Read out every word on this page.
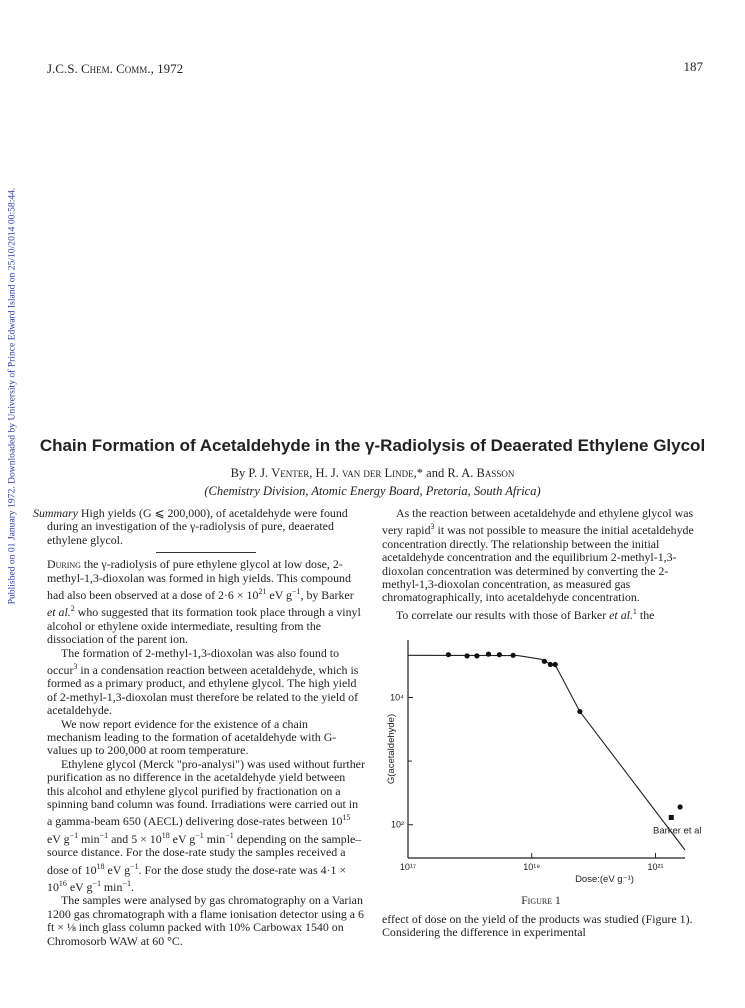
J.C.S. Chem. Comm., 1972	187
Published on 01 January 1972. Downloaded by University of Prince Edward Island on 25/10/2014 00:58:44.	Chain Formation of Acetaldehyde in the γ-Radiolysis of Deaerated Ethylene Glycol
By P. J. Venter, H. J. van der Linde,* and R. A. Basson
(Chemistry Division, Atomic Energy Board, Pretoria, South Africa)

Summary High yields (G ⩽ 200,000), of acetaldehyde were found during an investigation of the γ-radiolysis of pure, deaerated ethylene glycol.

During the γ-radiolysis of pure ethylene glycol at low dose, 2-methyl-1,3-dioxolan was formed in high yields. This compound had also been observed at a dose of $2\cdot 6 \times 10^{21}$ eV $g^{-1}$, by Barker et al.$^2$ who suggested that its formation took place through a vinyl alcohol or ethylene oxide intermediate, resulting from the dissociation of the parent ion.

The formation of 2-methyl-1,3-dioxolan was also found to occur$^3$ in a condensation reaction between acetaldehyde, which is formed as a primary product, and ethylene glycol. The high yield of 2-methyl-1,3-dioxolan must therefore be related to the yield of acetaldehyde.

We now report evidence for the existence of a chain mechanism leading to the formation of acetaldehyde with G-values up to 200,000 at room temperature.

Ethylene glycol (Merck "pro-analysi") was used without further purification as no difference in the acetaldehyde yield between this alcohol and ethylene glycol purified by fractionation on a spinning band column was found. Irradiations were carried out in a gamma-beam 650 (AECL) delivering dose-rates between $10^{15}$ eV $g^{-1}$ $\min^{-1}$ and $5 \times 10^{18}$ eV $g^{-1}$ $\min^{-1}$ depending on the sample–source distance. For the dose-rate study the samples received a dose of $10^{18}$ eV $g^{-1}$. For the dose study the dose-rate was $4\cdot 1 \times 10^{16}$ eV $g^{-1}$ $\min^{-1}$.

The samples were analysed by gas chromatography on a Varian 1200 gas chromatograph with a flame ionisation detector using a 6 ft × ⅛ inch glass column packed with 10% Carbowax 1540 on Chromosorb WAW at 60 °C.

As the reaction between acetaldehyde and ethylene glycol was very rapid$^3$ it was not possible to measure the initial acetaldehyde concentration directly. The relationship between the initial acetaldehyde concentration and the equilibrium 2-methyl-1,3-dioxolan concentration was determined by converting the 2-methyl-1,3-dioxolan concentration, as measured gas chromatographically, into acetaldehyde concentration.

To correlate our results with those of Barker et al.$^1$ the

10¹⁷	10¹⁹	10²¹
10²
10⁴
G(acetaldehyde)
Dose:(eV g⁻¹)
Barker et al
Figure 1

effect of dose on the yield of the products was studied (Figure 1). Considering the difference in experimental
